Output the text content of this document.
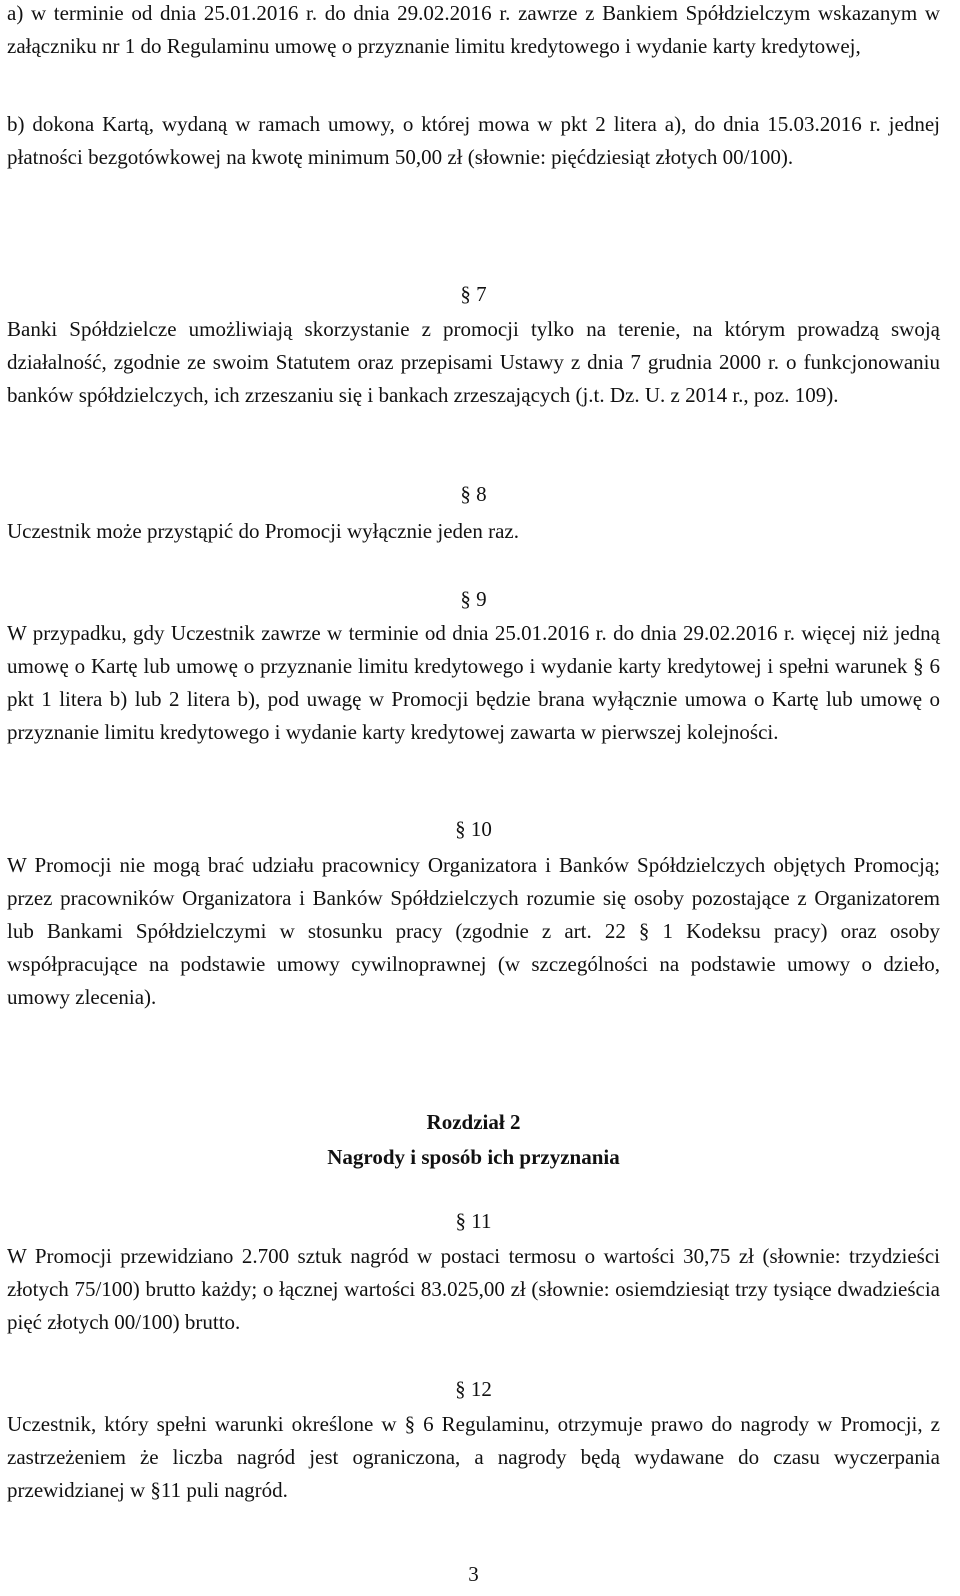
a) w terminie od dnia 25.01.2016 r. do dnia 29.02.2016 r. zawrze z Bankiem Spółdzielczym wskazanym w załączniku nr 1 do Regulaminu umowę o przyznanie limitu kredytowego i wydanie karty kredytowej,

b) dokona Kartą, wydaną w ramach umowy, o której mowa w pkt 2 litera a), do dnia 15.03.2016 r. jednej płatności bezgotówkowej na kwotę minimum 50,00 zł (słownie: pięćdziesiąt złotych 00/100).

§ 7

Banki Spółdzielcze umożliwiają skorzystanie z promocji tylko na terenie, na którym prowadzą swoją działalność, zgodnie ze swoim Statutem oraz przepisami Ustawy z dnia 7 grudnia 2000 r. o funkcjonowaniu banków spółdzielczych, ich zrzeszaniu się i bankach zrzeszających (j.t. Dz. U. z 2014 r., poz. 109).

§ 8

Uczestnik może przystąpić do Promocji wyłącznie jeden raz.

§ 9

W przypadku, gdy Uczestnik zawrze w terminie od dnia 25.01.2016 r. do dnia 29.02.2016 r. więcej niż jedną umowę o Kartę lub umowę o przyznanie limitu kredytowego i wydanie karty kredytowej i spełni warunek § 6 pkt 1 litera b) lub 2 litera b), pod uwagę w Promocji będzie brana wyłącznie umowa o Kartę lub umowę o przyznanie limitu kredytowego i wydanie karty kredytowej zawarta w pierwszej kolejności.

§ 10

W Promocji nie mogą brać udziału pracownicy Organizatora i Banków Spółdzielczych objętych Promocją; przez pracowników Organizatora i Banków Spółdzielczych rozumie się osoby pozostające z Organizatorem lub Bankami Spółdzielczymi w stosunku pracy (zgodnie z art. 22 § 1 Kodeksu pracy) oraz osoby współpracujące na podstawie umowy cywilnoprawnej (w szczególności na podstawie umowy o dzieło, umowy zlecenia).

Rozdział 2
Nagrody i sposób ich przyznania
§ 11

W Promocji przewidziano 2.700 sztuk nagród w postaci termosu o wartości 30,75 zł (słownie: trzydzieści złotych 75/100) brutto każdy; o łącznej wartości 83.025,00 zł (słownie: osiemdziesiąt trzy tysiące dwadzieścia pięć złotych 00/100) brutto.

§ 12

Uczestnik, który spełni warunki określone w § 6 Regulaminu, otrzymuje prawo do nagrody w Promocji, z zastrzeżeniem że liczba nagród jest ograniczona, a nagrody będą wydawane do czasu wyczerpania przewidzianej w §11 puli nagród.

3
